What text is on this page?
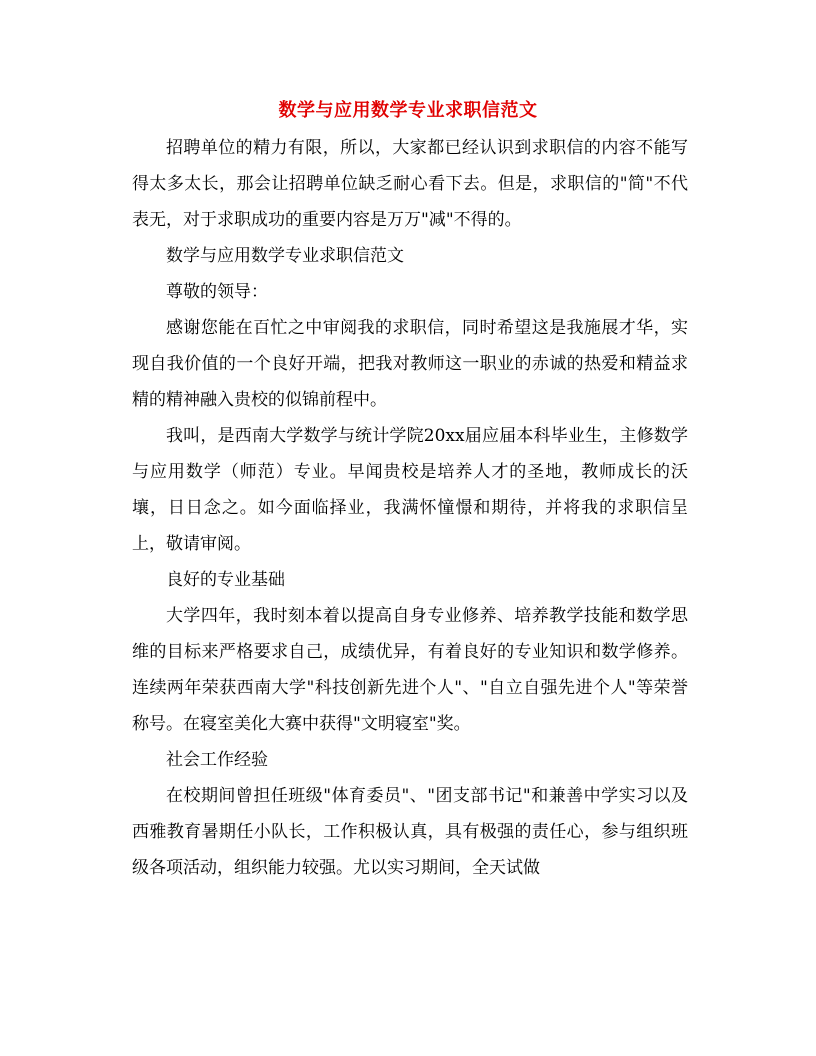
数学与应用数学专业求职信范文

招聘单位的精力有限，所以，大家都已经认识到求职信的内容不能写得太多太长，那会让招聘单位缺乏耐心看下去。但是，求职信的"简"不代表无，对于求职成功的重要内容是万万"减"不得的。

数学与应用数学专业求职信范文

尊敬的领导：

感谢您能在百忙之中审阅我的求职信，同时希望这是我施展才华，实现自我价值的一个良好开端，把我对教师这一职业的赤诚的热爱和精益求精的精神融入贵校的似锦前程中。

我叫，是西南大学数学与统计学院20xx届应届本科毕业生，主修数学与应用数学（师范）专业。早闻贵校是培养人才的圣地，教师成长的沃壤，日日念之。如今面临择业，我满怀憧憬和期待，并将我的求职信呈上，敬请审阅。

良好的专业基础

大学四年，我时刻本着以提高自身专业修养、培养教学技能和数学思维的目标来严格要求自己，成绩优异，有着良好的专业知识和数学修养。连续两年荣获西南大学"科技创新先进个人"、"自立自强先进个人"等荣誉称号。在寝室美化大赛中获得"文明寝室"奖。

社会工作经验

在校期间曾担任班级"体育委员"、"团支部书记"和兼善中学实习以及西雅教育暑期任小队长，工作积极认真，具有极强的责任心，参与组织班级各项活动，组织能力较强。尤以实习期间，全天试做
